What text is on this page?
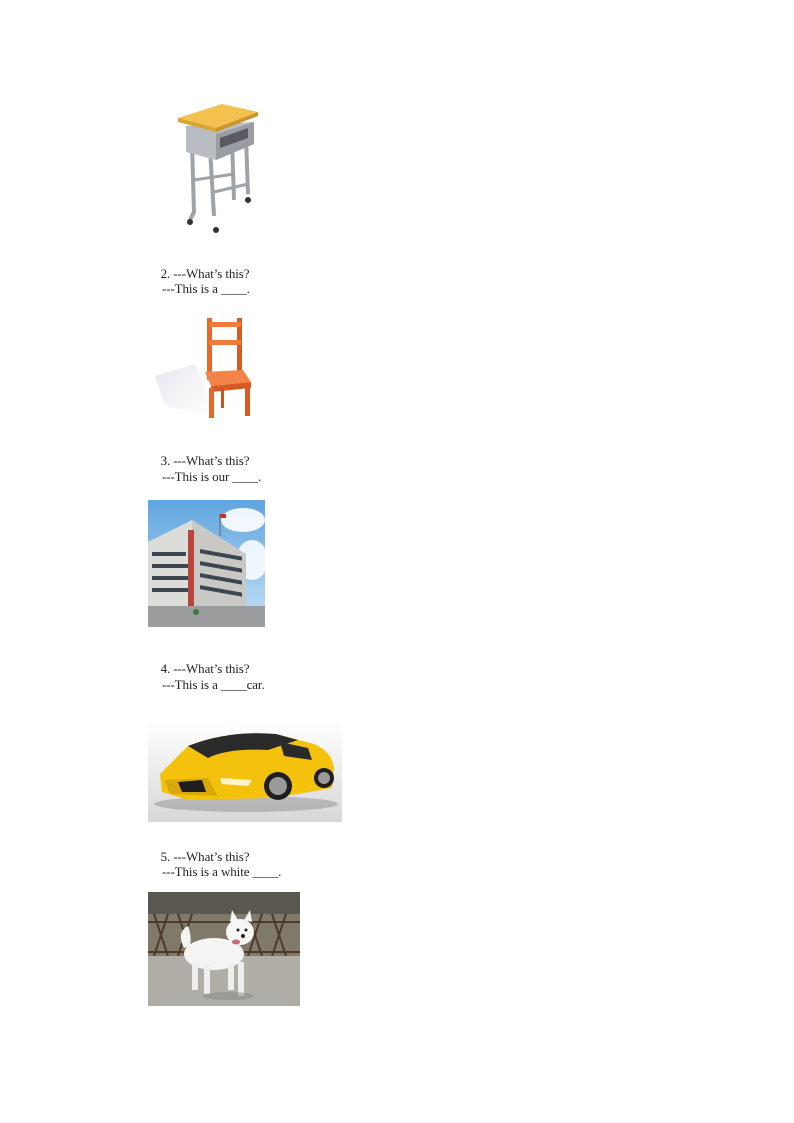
2. ---What’s this?

---This is a ____.

3. ---What’s this?

---This is our ____.

4. ---What’s this?

---This is a ____car.

5. ---What’s this?

---This is a white ____.
